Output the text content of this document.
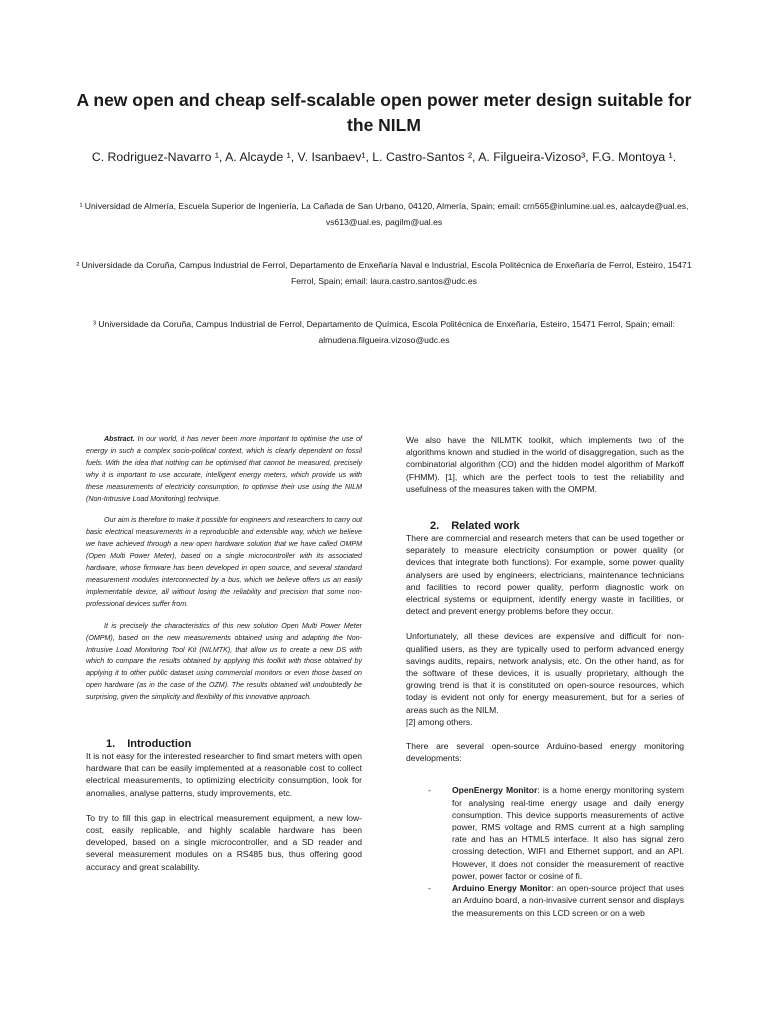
A new open and cheap self-scalable open power meter design suitable for the NILM

C. Rodriguez-Navarro ¹, A. Alcayde ¹, V. Isanbaev¹, L. Castro-Santos ², A. Filgueira-Vizoso³, F.G. Montoya ¹.

¹ Universidad de Almería, Escuela Superior de Ingeniería, La Cañada de San Urbano, 04120, Almería, Spain; email: crn565@inlumine.ual.es, aalcayde@ual.es, vs613@ual.es, pagilm@ual.es

² Universidade da Coruña, Campus Industrial de Ferrol, Departamento de Enxeñaría Naval e Industrial, Escola Politécnica de Enxeñaría de Ferrol, Esteiro, 15471 Ferrol, Spain; email: laura.castro.santos@udc.es

³ Universidade da Coruña, Campus Industrial de Ferrol, Departamento de Química, Escola Politécnica de Enxeñaría, Esteiro, 15471 Ferrol, Spain; email: almudena.filgueira.vizoso@udc.es

Abstract. In our world, it has never been more important to optimise the use of energy in such a complex socio-political context, which is clearly dependent on fossil fuels. With the idea that nothing can be optimised that cannot be measured, precisely why it is important to use accurate, intelligent energy meters, which provide us with these measurements of electricity consumption, to optimise their use using the NILM (Non-Intrusive Load Monitoring) technique.

Our aim is therefore to make it possible for engineers and researchers to carry out basic electrical measurements in a reproducible and extensible way, which we believe we have achieved through a new open hardware solution that we have called OMPM (Open Multi Power Meter), based on a single microcontroller with its associated hardware, whose firmware has been developed in open source, and several standard measurement modules interconnected by a bus, which we believe offers us an easily implementable device, all without losing the reliability and precision that some non-professional devices suffer from.

It is precisely the characteristics of this new solution Open Multi Power Meter (OMPM), based on the new measurements obtained using and adapting the Non-Intrusive Load Monitoring Tool Kit (NILMTK), that allow us to create a new DS with which to compare the results obtained by applying this toolkit with those obtained by applying it to other public dataset using commercial monitors or even those based on open hardware (as in the case of the OZM). The results obtained will undoubtedly be surprising, given the simplicity and flexibility of this innovative approach.

1. Introduction

It is not easy for the interested researcher to find smart meters with open hardware that can be easily implemented at a reasonable cost to collect electrical measurements, to optimizing electricity consumption, look for anomalies, analyse patterns, study improvements, etc.

To try to fill this gap in electrical measurement equipment, a new low-cost, easily replicable, and highly scalable hardware has been developed, based on a single microcontroller, and a SD reader and several measurement modules on a RS485 bus, thus offering good accuracy and great scalability.

We also have the NILMTK toolkit, which implements two of the algorithms known and studied in the world of disaggregation, such as the combinatorial algorithm (CO) and the hidden model algorithm of Markoff (FHMM). [1], which are the perfect tools to test the reliability and usefulness of the measures taken with the OMPM.

2. Related work

There are commercial and research meters that can be used together or separately to measure electricity consumption or power quality (or devices that integrate both functions). For example, some power quality analysers are used by engineers, electricians, maintenance technicians and facilities to record power quality, perform diagnostic work on electrical systems or equipment, identify energy waste in facilities, or detect and prevent energy problems before they occur.

Unfortunately, all these devices are expensive and difficult for non-qualified users, as they are typically used to perform advanced energy savings audits, repairs, network analysis, etc. On the other hand, as for the software of these devices, it is usually proprietary, although the growing trend is that it is constituted on open-source resources, which today is evident not only for energy measurement, but for a series of areas such as the NILM.

[2] among others.

There are several open-source Arduino-based energy monitoring developments:

-	OpenEnergy Monitor: is a home energy monitoring system for analysing real-time energy usage and daily energy consumption. This device supports measurements of active power, RMS voltage and RMS current at a high sampling rate and has an HTML5 interface. It also has signal zero crossing detection, WIFI and Ethernet support, and an API. However, it does not consider the measurement of reactive power, power factor or cosine of fi.
-	Arduino Energy Monitor: an open-source project that uses an Arduino board, a non-invasive current sensor and displays the measurements on this LCD screen or on a web
